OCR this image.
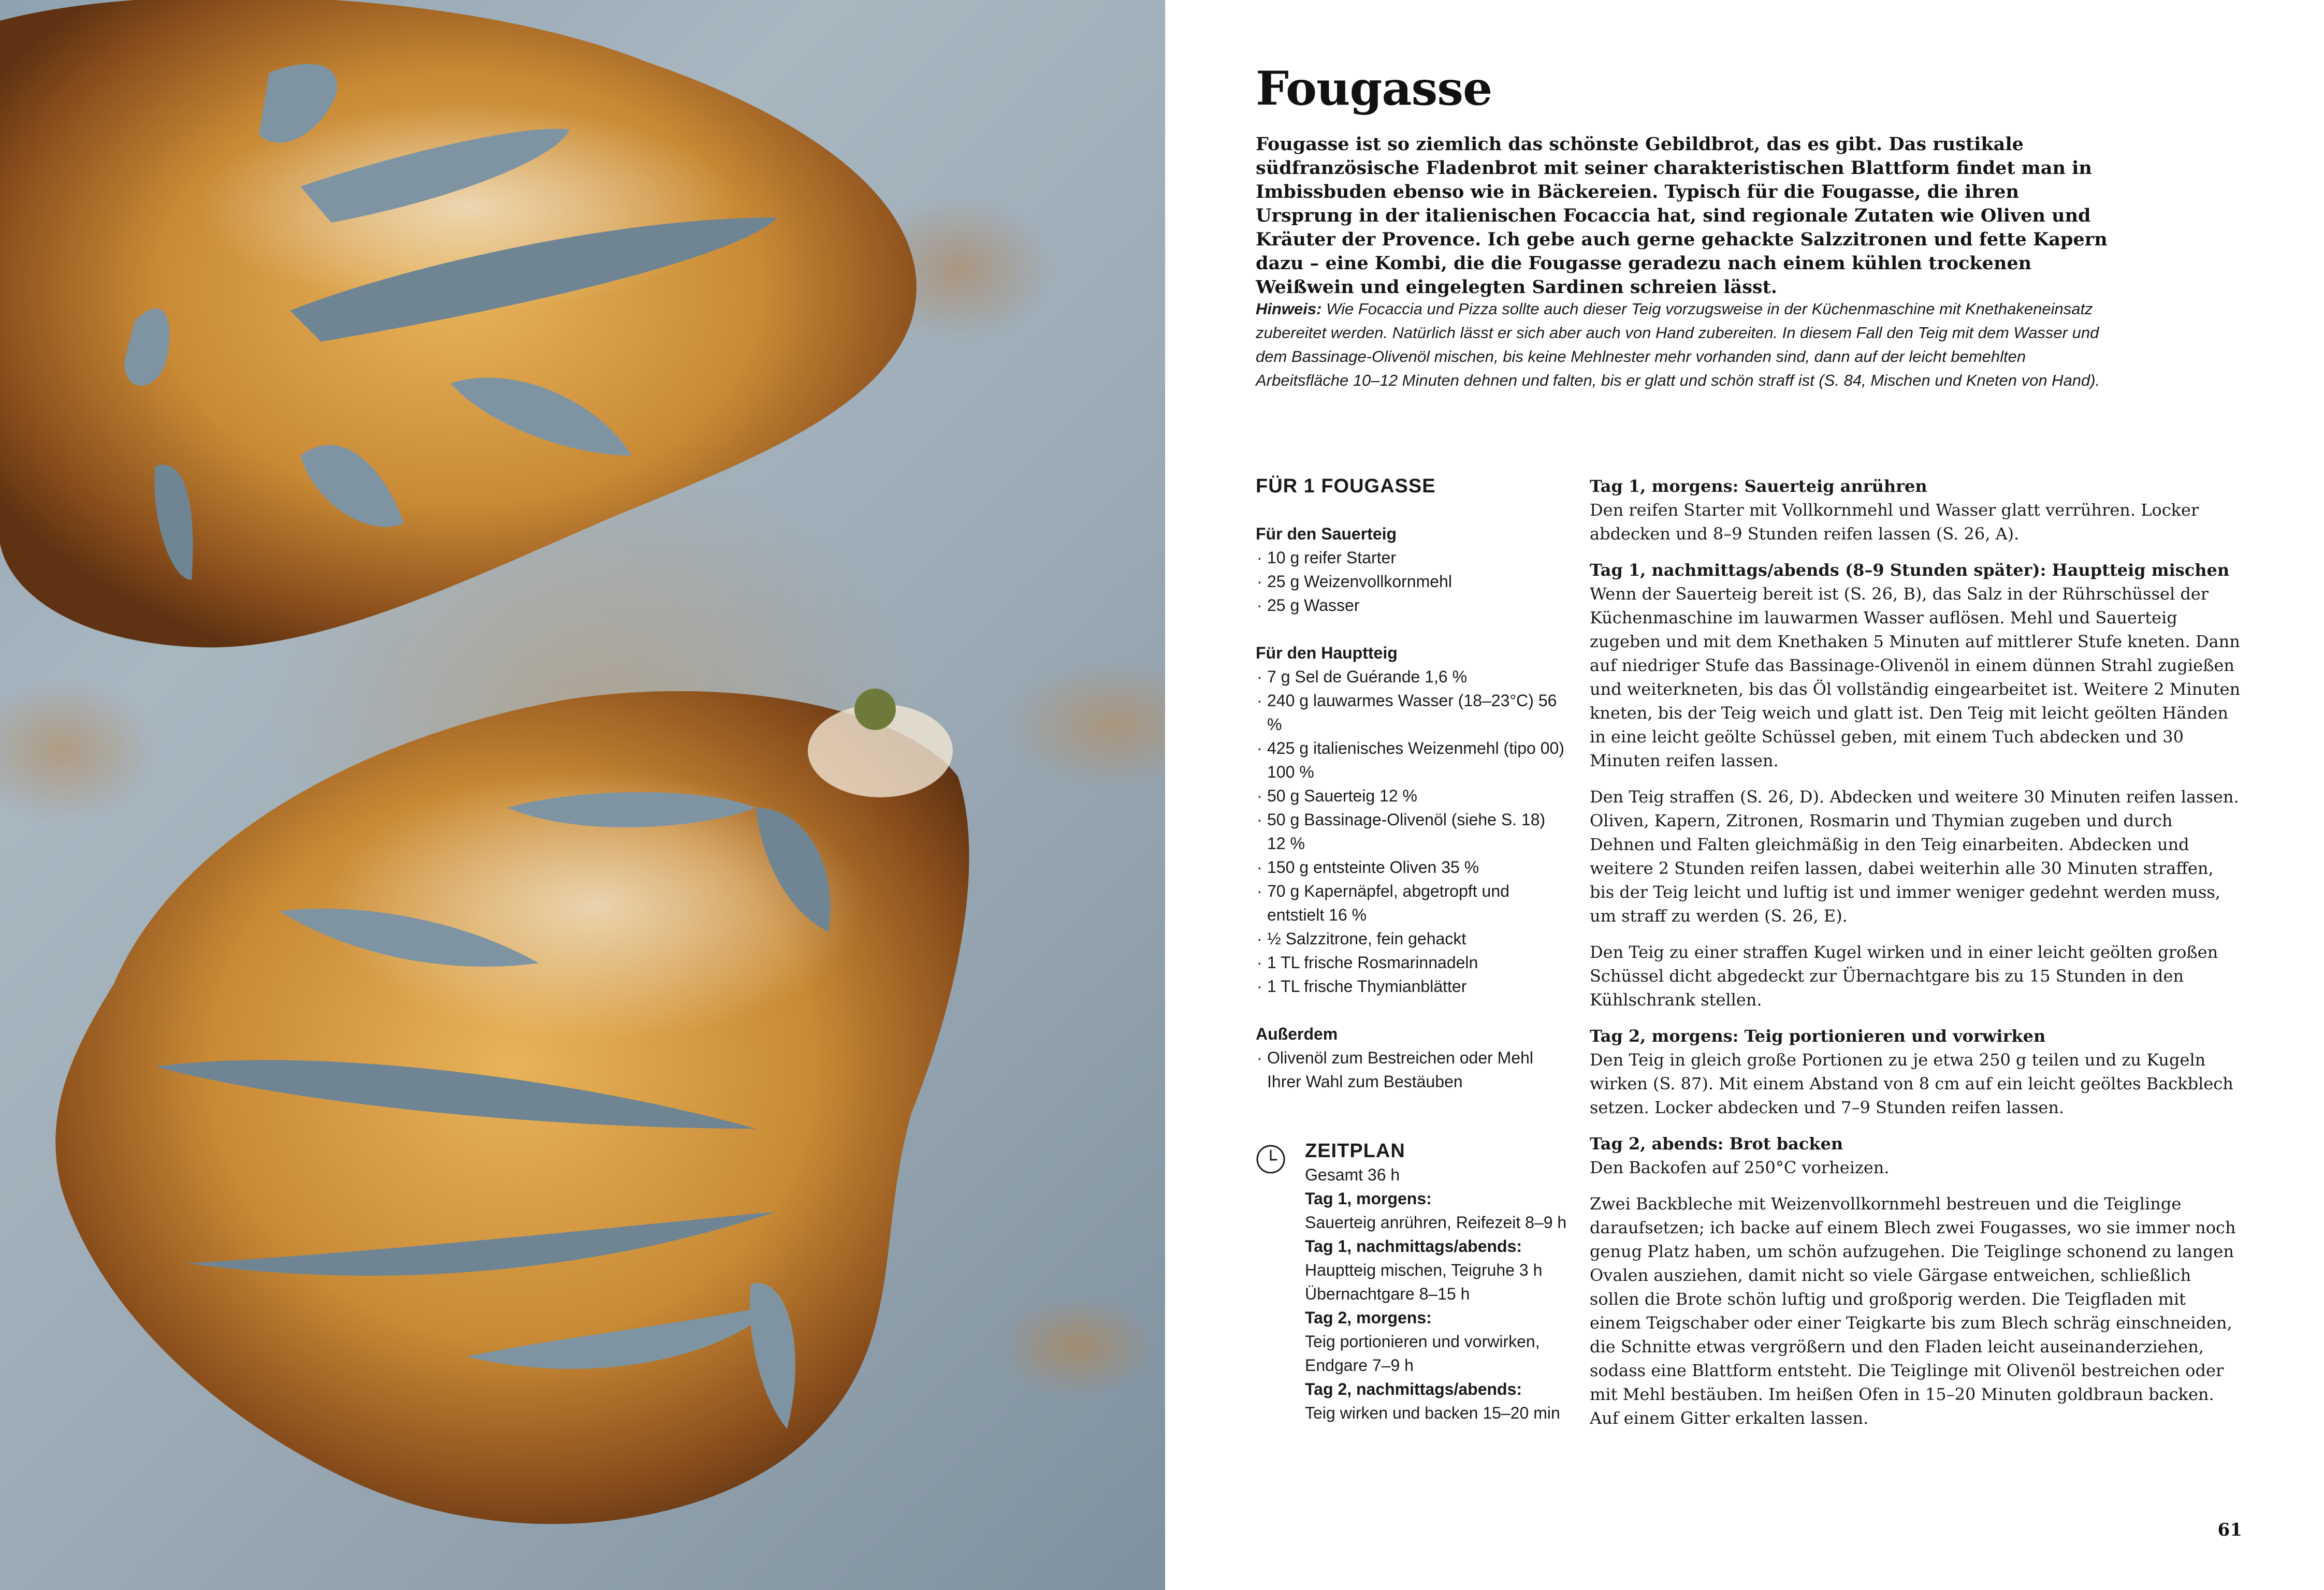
Fougasse

Fougasse ist so ziemlich das schönste Gebildbrot, das es gibt. Das rustikale südfranzösische Fladenbrot mit seiner charakteristischen Blattform findet man in Imbissbuden ebenso wie in Bäckereien. Typisch für die Fougasse, die ihren Ursprung in der italienischen Focaccia hat, sind regionale Zutaten wie Oliven und Kräuter der Provence. Ich gebe auch gerne gehackte Salzzitronen und fette Kapern dazu – eine Kombi, die die Fougasse geradezu nach einem kühlen trockenen Weißwein und eingelegten Sardinen schreien lässt.

Hinweis: Wie Focaccia und Pizza sollte auch dieser Teig vorzugsweise in der Küchenmaschine mit Knethakeneinsatz zubereitet werden. Natürlich lässt er sich aber auch von Hand zubereiten. In diesem Fall den Teig mit dem Wasser und dem Bassinage-Olivenöl mischen, bis keine Mehlnester mehr vorhanden sind, dann auf der leicht bemehlten Arbeitsfläche 10–12 Minuten dehnen und falten, bis er glatt und schön straff ist (S. 84, Mischen und Kneten von Hand).

FÜR 1 FOUGASSE
Für den Sauerteig
· 10 g reifer Starter
· 25 g Weizenvollkornmehl
· 25 g Wasser
Für den Hauptteig
· 7 g Sel de Guérande 1,6 %
· 240 g lauwarmes Wasser (18–23°C) 56 %
· 425 g italienisches Weizenmehl (tipo 00) 100 %
· 50 g Sauerteig 12 %
· 50 g Bassinage-Olivenöl (siehe S. 18) 12 %
· 150 g entsteinte Oliven 35 %
· 70 g Kapernäpfel, abgetropft und entstielt 16 %
· ½ Salzzitrone, fein gehackt
· 1 TL frische Rosmarinnadeln
· 1 TL frische Thymianblätter
Außerdem
· Olivenöl zum Bestreichen oder Mehl Ihrer Wahl zum Bestäuben
ZEITPLAN
Gesamt 36 h
Tag 1, morgens:
Sauerteig anrühren, Reifezeit 8–9 h
Tag 1, nachmittags/abends:
Hauptteig mischen, Teigruhe 3 h Übernachtgare 8–15 h
Tag 2, morgens:
Teig portionieren und vorwirken, Endgare 7–9 h
Tag 2, nachmittags/abends:
Teig wirken und backen 15–20 min
Tag 1, morgens: Sauerteig anrühren

Den reifen Starter mit Vollkornmehl und Wasser glatt verrühren. Locker abdecken und 8–9 Stunden reifen lassen (S. 26, A).

Tag 1, nachmittags/abends (8–9 Stunden später): Hauptteig mischen

Wenn der Sauerteig bereit ist (S. 26, B), das Salz in der Rührschüssel der Küchenmaschine im lauwarmen Wasser auflösen. Mehl und Sauerteig zugeben und mit dem Knethaken 5 Minuten auf mittlerer Stufe kneten. Dann auf niedriger Stufe das Bassinage-Olivenöl in einem dünnen Strahl zugießen und weiterkneten, bis das Öl vollständig eingearbeitet ist. Weitere 2 Minuten kneten, bis der Teig weich und glatt ist. Den Teig mit leicht geölten Händen in eine leicht geölte Schüssel geben, mit einem Tuch abdecken und 30 Minuten reifen lassen.

Den Teig straffen (S. 26, D). Abdecken und weitere 30 Minuten reifen lassen. Oliven, Kapern, Zitronen, Rosmarin und Thymian zugeben und durch Dehnen und Falten gleichmäßig in den Teig einarbeiten. Abdecken und weitere 2 Stunden reifen lassen, dabei weiterhin alle 30 Minuten straffen, bis der Teig leicht und luftig ist und immer weniger gedehnt werden muss, um straff zu werden (S. 26, E).

Den Teig zu einer straffen Kugel wirken und in einer leicht geölten großen Schüssel dicht abgedeckt zur Übernachtgare bis zu 15 Stunden in den Kühlschrank stellen.

Tag 2, morgens: Teig portionieren und vorwirken

Den Teig in gleich große Portionen zu je etwa 250 g teilen und zu Kugeln wirken (S. 87). Mit einem Abstand von 8 cm auf ein leicht geöltes Backblech setzen. Locker abdecken und 7–9 Stunden reifen lassen.

Tag 2, abends: Brot backen

Den Backofen auf 250°C vorheizen.

Zwei Backbleche mit Weizenvollkornmehl bestreuen und die Teiglinge daraufsetzen; ich backe auf einem Blech zwei Fougasses, wo sie immer noch genug Platz haben, um schön aufzugehen. Die Teiglinge schonend zu langen Ovalen ausziehen, damit nicht so viele Gärgase entweichen, schließlich sollen die Brote schön luftig und großporig werden. Die Teigfladen mit einem Teigschaber oder einer Teigkarte bis zum Blech schräg einschneiden, die Schnitte etwas vergrößern und den Fladen leicht auseinanderziehen, sodass eine Blattform entsteht. Die Teiglinge mit Olivenöl bestreichen oder mit Mehl bestäuben. Im heißen Ofen in 15–20 Minuten goldbraun backen. Auf einem Gitter erkalten lassen.

61
